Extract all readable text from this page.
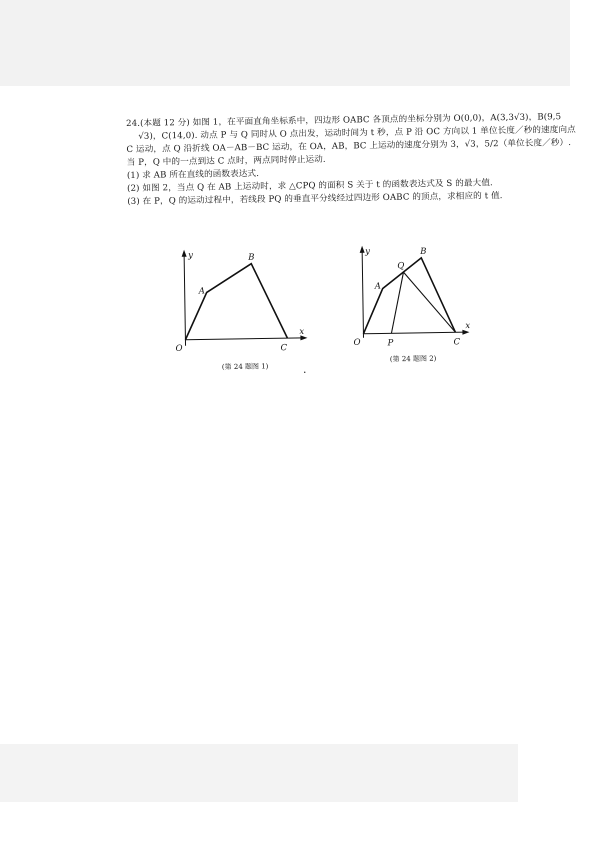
24.(本题 12 分) 如图 1，在平面直角坐标系中，四边形 OABC 各顶点的坐标分别为 O(0,0)，A(3,3√3)，B(9,5
√3)，C(14,0). 动点 P 与 Q 同时从 O 点出发，运动时间为 t 秒，点 P 沿 OC 方向以 1 单位长度／秒的速度向点
C 运动，点 Q 沿折线 OA－AB－BC 运动，在 OA，AB，BC 上运动的速度分别为 3，√3，5/2（单位长度／秒）.
当 P，Q 中的一点到达 C 点时，两点同时停止运动.
(1) 求 AB 所在直线的函数表达式.
(2) 如图 2，当点 Q 在 AB 上运动时，求 △CPQ 的面积 S 关于 t 的函数表达式及 S 的最大值.
(3) 在 P，Q 的运动过程中，若线段 PQ 的垂直平分线经过四边形 OABC 的顶点，求相应的 t 值.
y
x
O
A
B
C
(第 24 题图 1)
y
x
O
A
Q
B
P	C
(第 24 题图 2)
·
